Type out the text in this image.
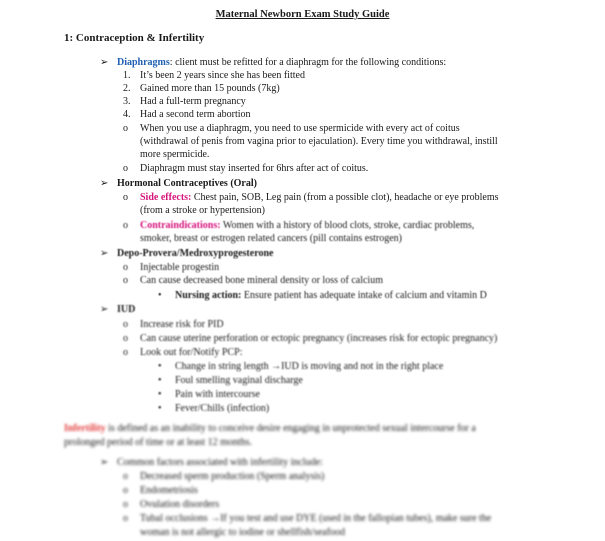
Maternal Newborn Exam Study Guide
1: Contraception & Infertility
➢ Diaphragms: client must be refitted for a diaphragm for the following conditions:
1. It’s been 2 years since she has been fitted
2. Gained more than 15 pounds (7kg)
3. Had a full-term pregnancy
4. Had a second term abortion
o When you use a diaphragm, you need to use spermicide with every act of coitus
(withdrawal of penis from vagina prior to ejaculation). Every time you withdrawal, instill
more spermicide.
o Diaphragm must stay inserted for 6hrs after act of coitus.
➢ Hormonal Contraceptives (Oral)
o Side effects: Chest pain, SOB, Leg pain (from a possible clot), headache or eye problems
(from a stroke or hypertension)
o Contraindications: Women with a history of blood clots, stroke, cardiac problems,
smoker, breast or estrogen related cancers (pill contains estrogen)
➢ Depo-Provera/Medroxyprogesterone
o Injectable progestin
o Can cause decreased bone mineral density or loss of calcium
• Nursing action: Ensure patient has adequate intake of calcium and vitamin D
➢ IUD
o Increase risk for PID
o Can cause uterine perforation or ectopic pregnancy (increases risk for ectopic pregnancy)
o Look out for/Notify PCP:
• Change in string length →IUD is moving and not in the right place
• Foul smelling vaginal discharge
• Pain with intercourse
• Fever/Chills (infection)
Infertility is defined as an inability to conceive desire engaging in unprotected sexual intercourse for a
prolonged period of time or at least 12 months.
➢ Common factors associated with infertility include:
o Decreased sperm production (Sperm analysis)
o Endometriosis
o Ovulation disorders
o Tubal occlusions →If you test and use DYE (used in the fallopian tubes), make sure the
woman is not allergic to iodine or shellfish/seafood
